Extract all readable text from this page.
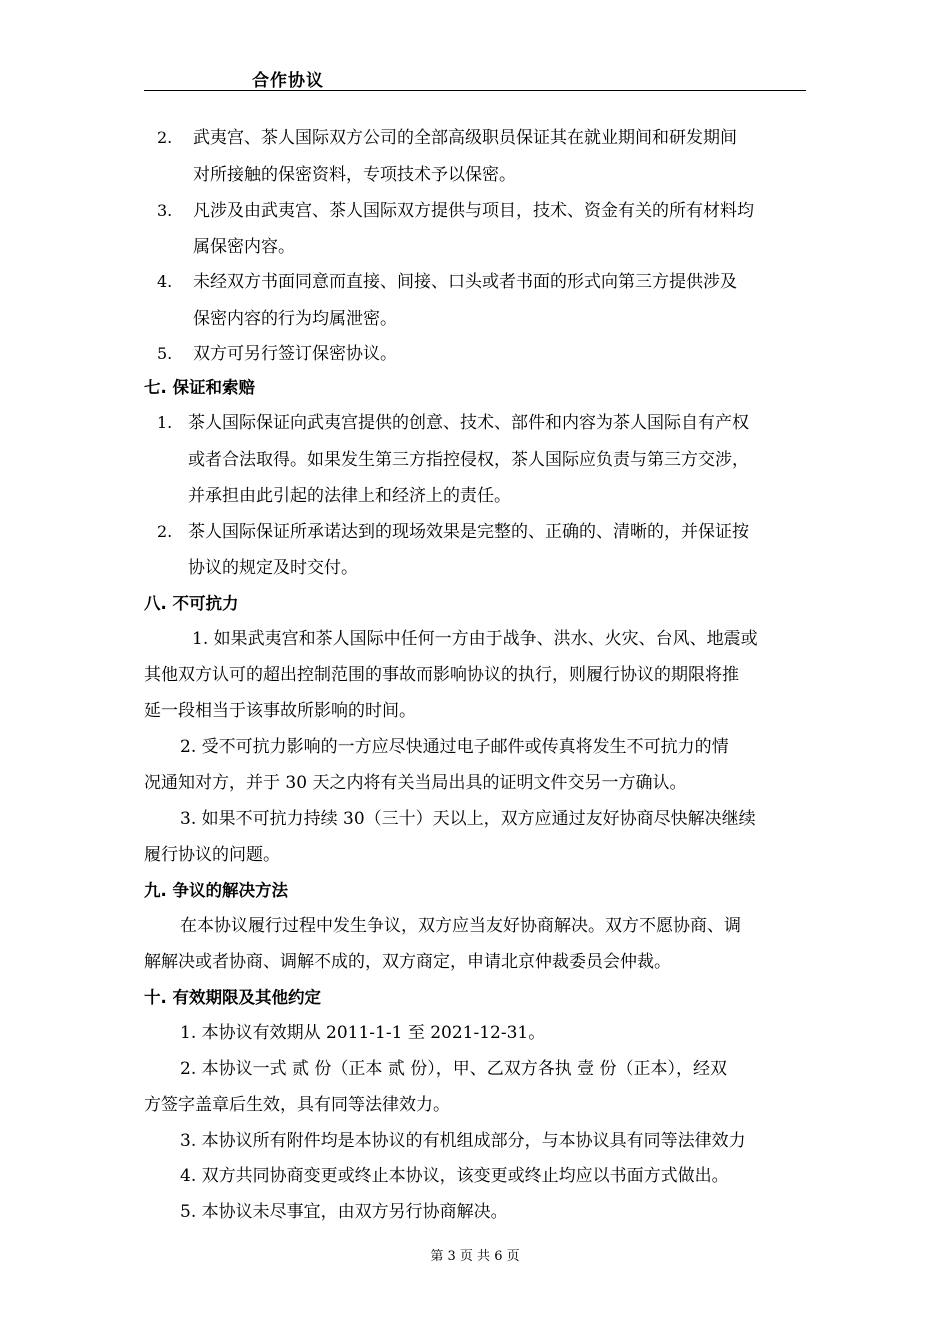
合作协议
2. 武夷宫、茶人国际双方公司的全部高级职员保证其在就业期间和研发期间
对所接触的保密资料，专项技术予以保密。
3. 凡涉及由武夷宫、茶人国际双方提供与项目，技术、资金有关的所有材料均
属保密内容。
4. 未经双方书面同意而直接、间接、口头或者书面的形式向第三方提供涉及
保密内容的行为均属泄密。
5. 双方可另行签订保密协议。
七. 保证和索赔
1. 茶人国际保证向武夷宫提供的创意、技术、部件和内容为茶人国际自有产权
或者合法取得。如果发生第三方指控侵权，茶人国际应负责与第三方交涉，
并承担由此引起的法律上和经济上的责任。
2. 茶人国际保证所承诺达到的现场效果是完整的、正确的、清晰的，并保证按
协议的规定及时交付。
八. 不可抗力
1. 如果武夷宫和茶人国际中任何一方由于战争、洪水、火灾、台风、地震或
其他双方认可的超出控制范围的事故而影响协议的执行，则履行协议的期限将推
延一段相当于该事故所影响的时间。
2. 受不可抗力影响的一方应尽快通过电子邮件或传真将发生不可抗力的情
况通知对方，并于 30 天之内将有关当局出具的证明文件交另一方确认。
3. 如果不可抗力持续 30（三十）天以上，双方应通过友好协商尽快解决继续
履行协议的问题。
九. 争议的解决方法
在本协议履行过程中发生争议，双方应当友好协商解决。双方不愿协商、调
解解决或者协商、调解不成的，双方商定，申请北京仲裁委员会仲裁。
十. 有效期限及其他约定
1. 本协议有效期从 2011-1-1 至 2021-12-31。
2. 本协议一式 贰 份（正本 贰 份），甲、乙双方各执 壹 份（正本），经双
方签字盖章后生效，具有同等法律效力。
3. 本协议所有附件均是本协议的有机组成部分，与本协议具有同等法律效力
4. 双方共同协商变更或终止本协议，该变更或终止均应以书面方式做出。
5. 本协议未尽事宜，由双方另行协商解决。
第 3 页 共 6 页
